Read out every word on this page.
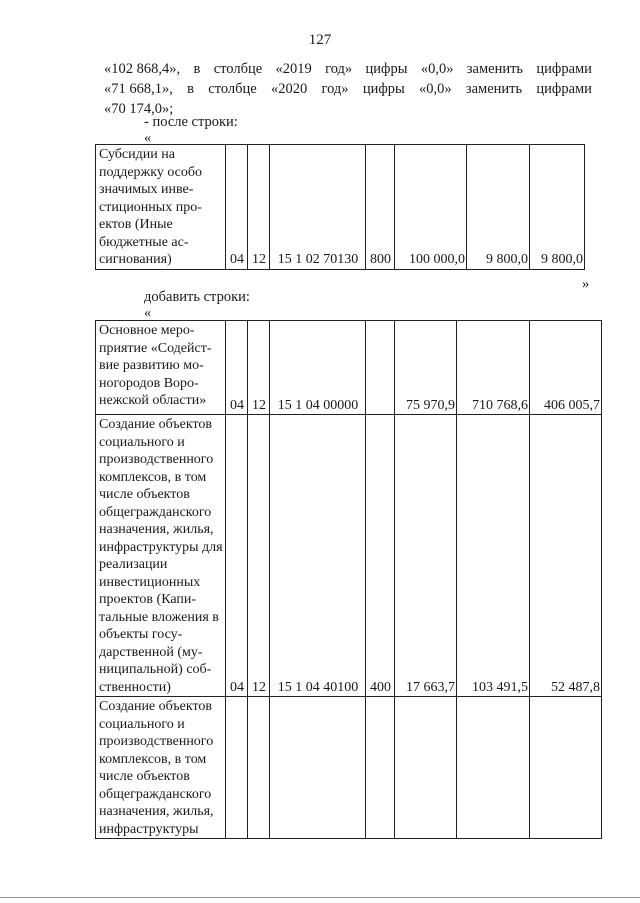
127
«102 868,4», в столбце «2019 год» цифры «0,0» заменить цифрами
«71 668,1», в столбце «2020 год» цифры «0,0» заменить цифрами
«70 174,0»;
- после строки:
«
Субсидии на поддержку особо значимых инве-стиционных про-ектов (Иные бюджетные ас-сигнования)	04	12	15 1 02 70130	800	100 000,0	9 800,0	9 800,0
»
добавить строки:
«
Основное меро-приятие «Содейст-вие развитию мо-ногородов Воро-нежской области»	04	12	15 1 04 00000		75 970,9	710 768,6	406 005,7
Создание объектов социального и производственного комплексов, в том числе объектов общегражданского назначения, жилья, инфраструктуры для реализации инвестиционных проектов (Капи-тальные вложения в объекты госу-дарственной (му-ниципальной) соб-ственности)	04	12	15 1 04 40100	400	17 663,7	103 491,5	52 487,8
Создание объектов социального и производственного комплексов, в том числе объектов общегражданского назначения, жилья, инфраструктуры							
